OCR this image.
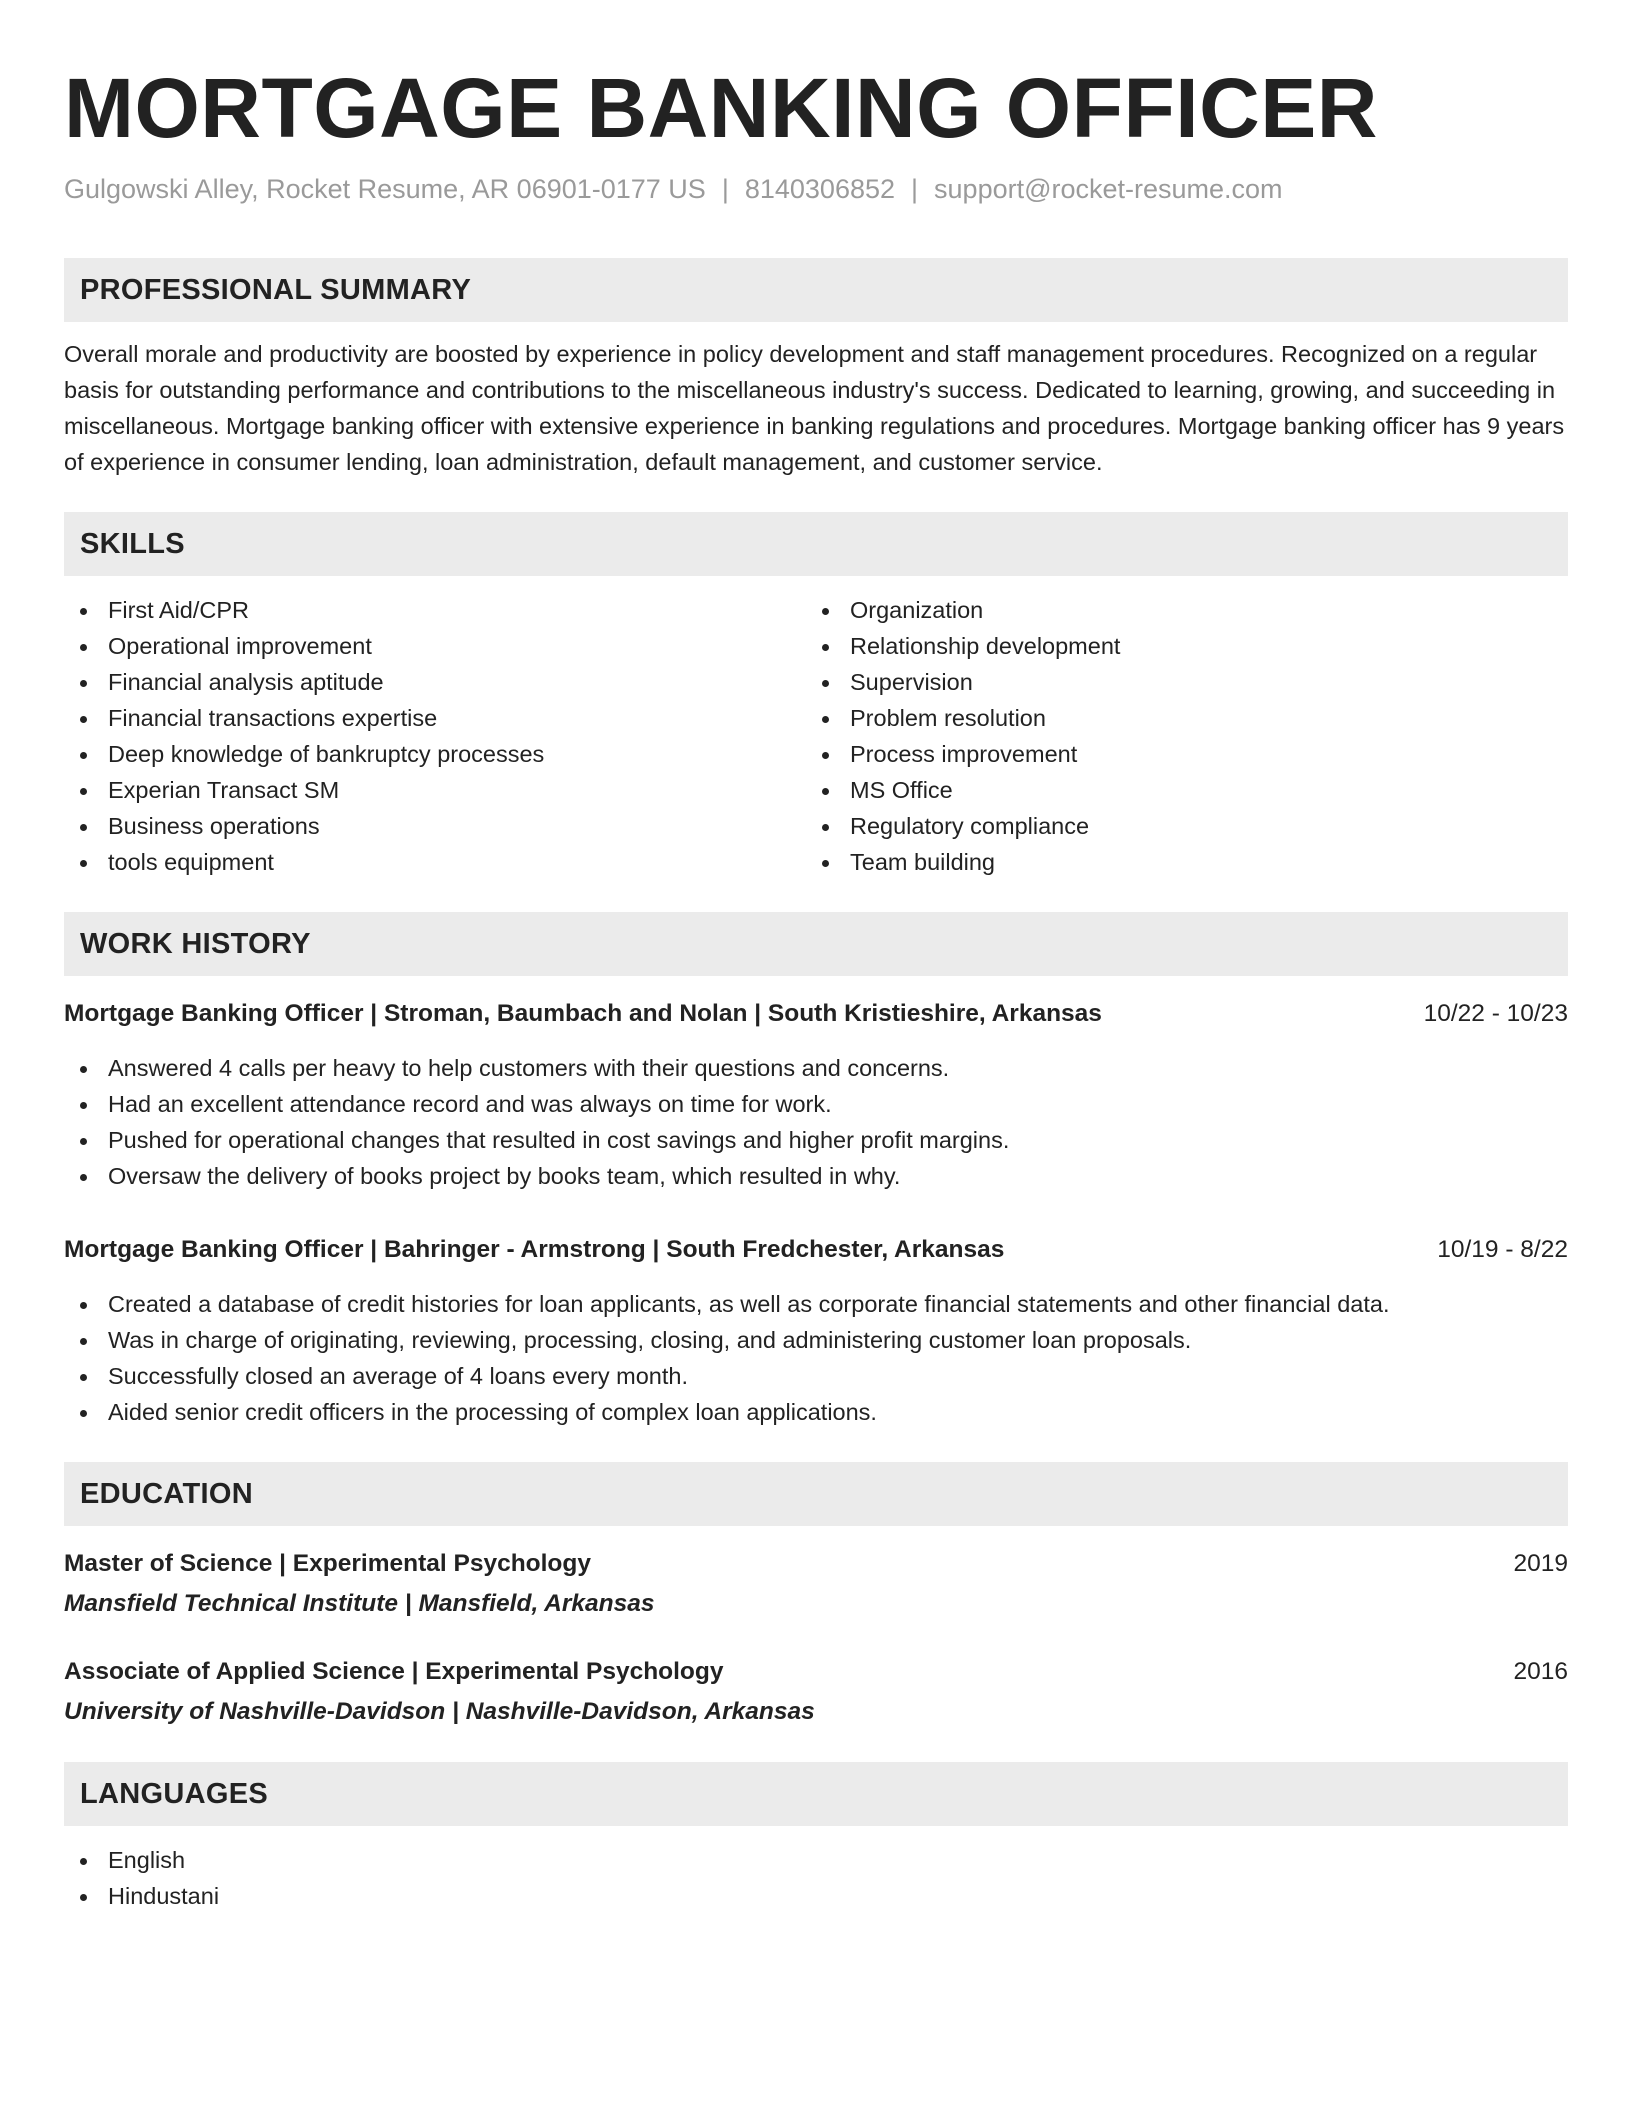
MORTGAGE BANKING OFFICER
Gulgowski Alley, Rocket Resume, AR 06901-0177 US | 8140306852 | support@rocket-resume.com
PROFESSIONAL SUMMARY

Overall morale and productivity are boosted by experience in policy development and staff management procedures. Recognized on a regular basis for outstanding performance and contributions to the miscellaneous industry's success. Dedicated to learning, growing, and succeeding in miscellaneous. Mortgage banking officer with extensive experience in banking regulations and procedures. Mortgage banking officer has 9 years of experience in consumer lending, loan administration, default management, and customer service.

SKILLS
First Aid/CPR
Operational improvement
Financial analysis aptitude
Financial transactions expertise
Deep knowledge of bankruptcy processes
Experian Transact SM
Business operations
tools equipment
Organization
Relationship development
Supervision
Problem resolution
Process improvement
MS Office
Regulatory compliance
Team building
WORK HISTORY
Mortgage Banking Officer | Stroman, Baumbach and Nolan | South Kristieshire, Arkansas	10/22 - 10/23
Answered 4 calls per heavy to help customers with their questions and concerns.
Had an excellent attendance record and was always on time for work.
Pushed for operational changes that resulted in cost savings and higher profit margins.
Oversaw the delivery of books project by books team, which resulted in why.
Mortgage Banking Officer | Bahringer - Armstrong | South Fredchester, Arkansas	10/19 - 8/22
Created a database of credit histories for loan applicants, as well as corporate financial statements and other financial data.
Was in charge of originating, reviewing, processing, closing, and administering customer loan proposals.
Successfully closed an average of 4 loans every month.
Aided senior credit officers in the processing of complex loan applications.
EDUCATION
Master of Science | Experimental Psychology	2019
Mansfield Technical Institute | Mansfield, Arkansas
Associate of Applied Science | Experimental Psychology	2016
University of Nashville-Davidson | Nashville-Davidson, Arkansas
LANGUAGES
English
Hindustani
